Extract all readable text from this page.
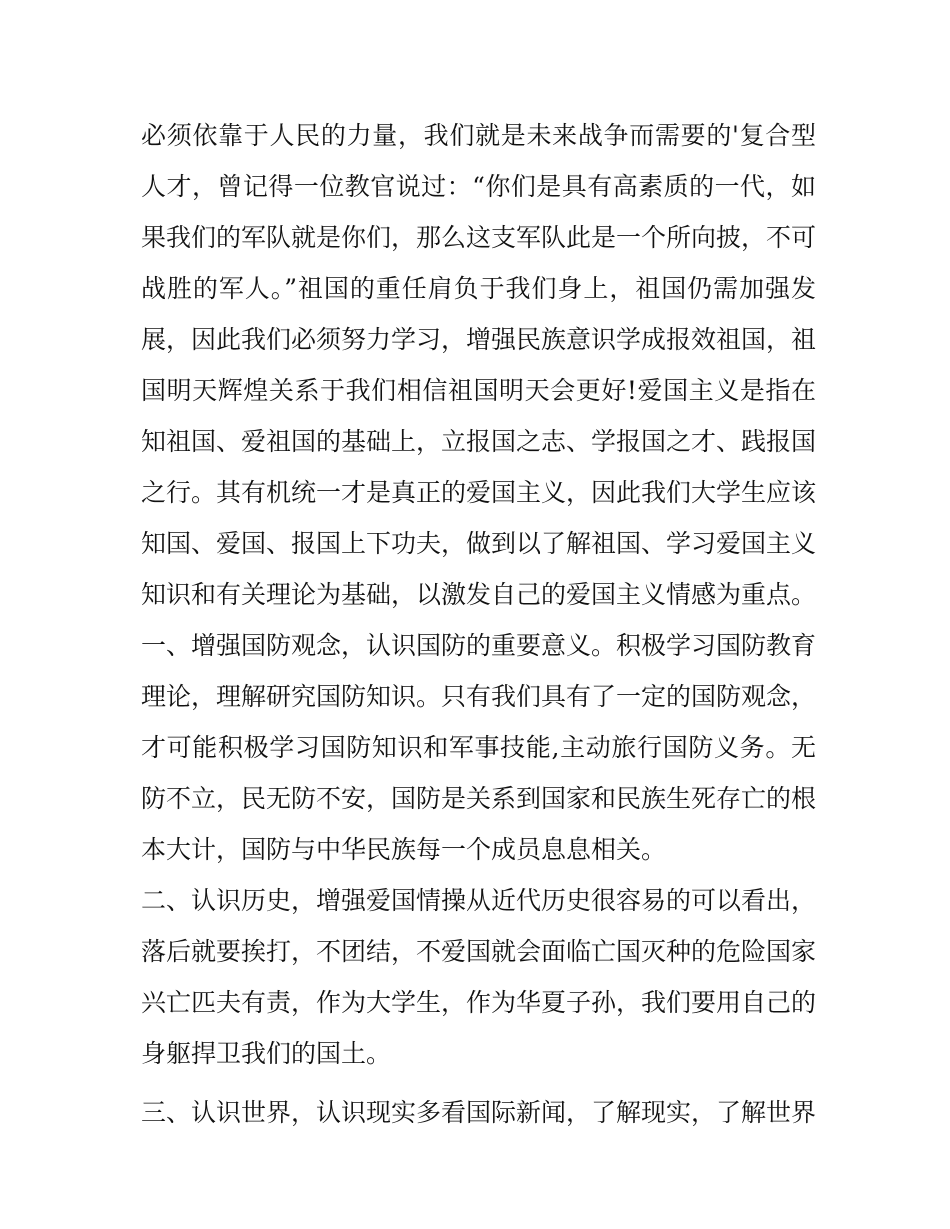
必须依靠于人民的力量，我们就是未来战争而需要的'复合型
人才，曾记得一位教官说过：“你们是具有高素质的一代，如
果我们的军队就是你们，那么这支军队此是一个所向披，不可
战胜的军人。”祖国的重任肩负于我们身上，祖国仍需加强发
展，因此我们必须努力学习，增强民族意识学成报效祖国，祖
国明天辉煌关系于我们相信祖国明天会更好!爱国主义是指在
知祖国、爱祖国的基础上，立报国之志、学报国之才、践报国
之行。其有机统一才是真正的爱国主义，因此我们大学生应该
知国、爱国、报国上下功夫，做到以了解祖国、学习爱国主义
知识和有关理论为基础，以激发自己的爱国主义情感为重点。
一、增强国防观念，认识国防的重要意义。积极学习国防教育
理论，理解研究国防知识。只有我们具有了一定的国防观念，
才可能积极学习国防知识和军事技能,主动旅行国防义务。无
防不立，民无防不安，国防是关系到国家和民族生死存亡的根
本大计，国防与中华民族每一个成员息息相关。
二、认识历史，增强爱国情操从近代历史很容易的可以看出，
落后就要挨打，不团结，不爱国就会面临亡国灭种的危险国家
兴亡匹夫有责，作为大学生，作为华夏子孙，我们要用自己的
身躯捍卫我们的国土。
三、认识世界，认识现实多看国际新闻，了解现实，了解世界
